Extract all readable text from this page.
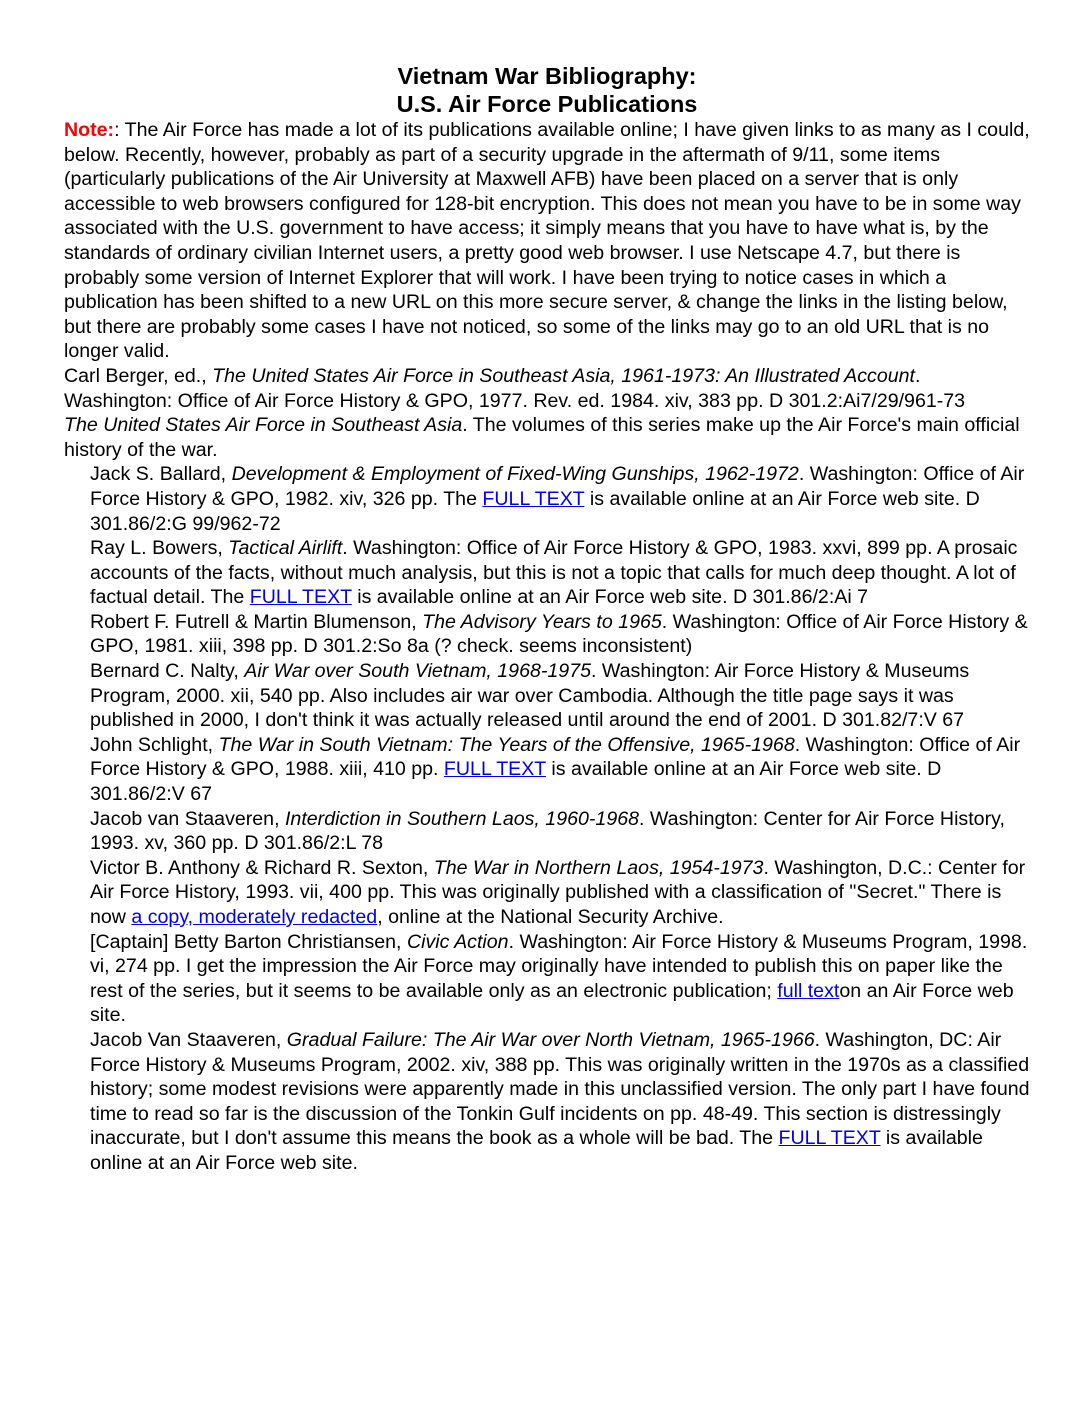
Vietnam War Bibliography:
U.S. Air Force Publications

Note:: The Air Force has made a lot of its publications available online; I have given links to as many as I could, below. Recently, however, probably as part of a security upgrade in the aftermath of 9/11, some items (particularly publications of the Air University at Maxwell AFB) have been placed on a server that is only accessible to web browsers configured for 128-bit encryption. This does not mean you have to be in some way associated with the U.S. government to have access; it simply means that you have to have what is, by the standards of ordinary civilian Internet users, a pretty good web browser. I use Netscape 4.7, but there is probably some version of Internet Explorer that will work. I have been trying to notice cases in which a publication has been shifted to a new URL on this more secure server, & change the links in the listing below, but there are probably some cases I have not noticed, so some of the links may go to an old URL that is no longer valid.

Carl Berger, ed., The United States Air Force in Southeast Asia, 1961-1973: An Illustrated Account. Washington: Office of Air Force History & GPO, 1977. Rev. ed. 1984. xiv, 383 pp. D 301.2:Ai7/29/961-73

The United States Air Force in Southeast Asia. The volumes of this series make up the Air Force's main official history of the war.

Jack S. Ballard, Development & Employment of Fixed-Wing Gunships, 1962-1972. Washington: Office of Air Force History & GPO, 1982. xiv, 326 pp. The FULL TEXT is available online at an Air Force web site. D 301.86/2:G 99/962-72

Ray L. Bowers, Tactical Airlift. Washington: Office of Air Force History & GPO, 1983. xxvi, 899 pp. A prosaic accounts of the facts, without much analysis, but this is not a topic that calls for much deep thought. A lot of factual detail. The FULL TEXT is available online at an Air Force web site. D 301.86/2:Ai 7

Robert F. Futrell & Martin Blumenson, The Advisory Years to 1965. Washington: Office of Air Force History & GPO, 1981. xiii, 398 pp. D 301.2:So 8a (? check. seems inconsistent)

Bernard C. Nalty, Air War over South Vietnam, 1968-1975. Washington: Air Force History & Museums Program, 2000. xii, 540 pp. Also includes air war over Cambodia. Although the title page says it was published in 2000, I don't think it was actually released until around the end of 2001. D 301.82/7:V 67

John Schlight, The War in South Vietnam: The Years of the Offensive, 1965-1968. Washington: Office of Air Force History & GPO, 1988. xiii, 410 pp. FULL TEXT is available online at an Air Force web site. D 301.86/2:V 67

Jacob van Staaveren, Interdiction in Southern Laos, 1960-1968. Washington: Center for Air Force History, 1993. xv, 360 pp. D 301.86/2:L 78

Victor B. Anthony & Richard R. Sexton, The War in Northern Laos, 1954-1973. Washington, D.C.: Center for Air Force History, 1993. vii, 400 pp. This was originally published with a classification of "Secret." There is now a copy, moderately redacted, online at the National Security Archive.

[Captain] Betty Barton Christiansen, Civic Action. Washington: Air Force History & Museums Program, 1998. vi, 274 pp. I get the impression the Air Force may originally have intended to publish this on paper like the rest of the series, but it seems to be available only as an electronic publication; full texton an Air Force web site.

Jacob Van Staaveren, Gradual Failure: The Air War over North Vietnam, 1965-1966. Washington, DC: Air Force History & Museums Program, 2002. xiv, 388 pp. This was originally written in the 1970s as a classified history; some modest revisions were apparently made in this unclassified version. The only part I have found time to read so far is the discussion of the Tonkin Gulf incidents on pp. 48-49. This section is distressingly inaccurate, but I don't assume this means the book as a whole will be bad. The FULL TEXT is available online at an Air Force web site.
